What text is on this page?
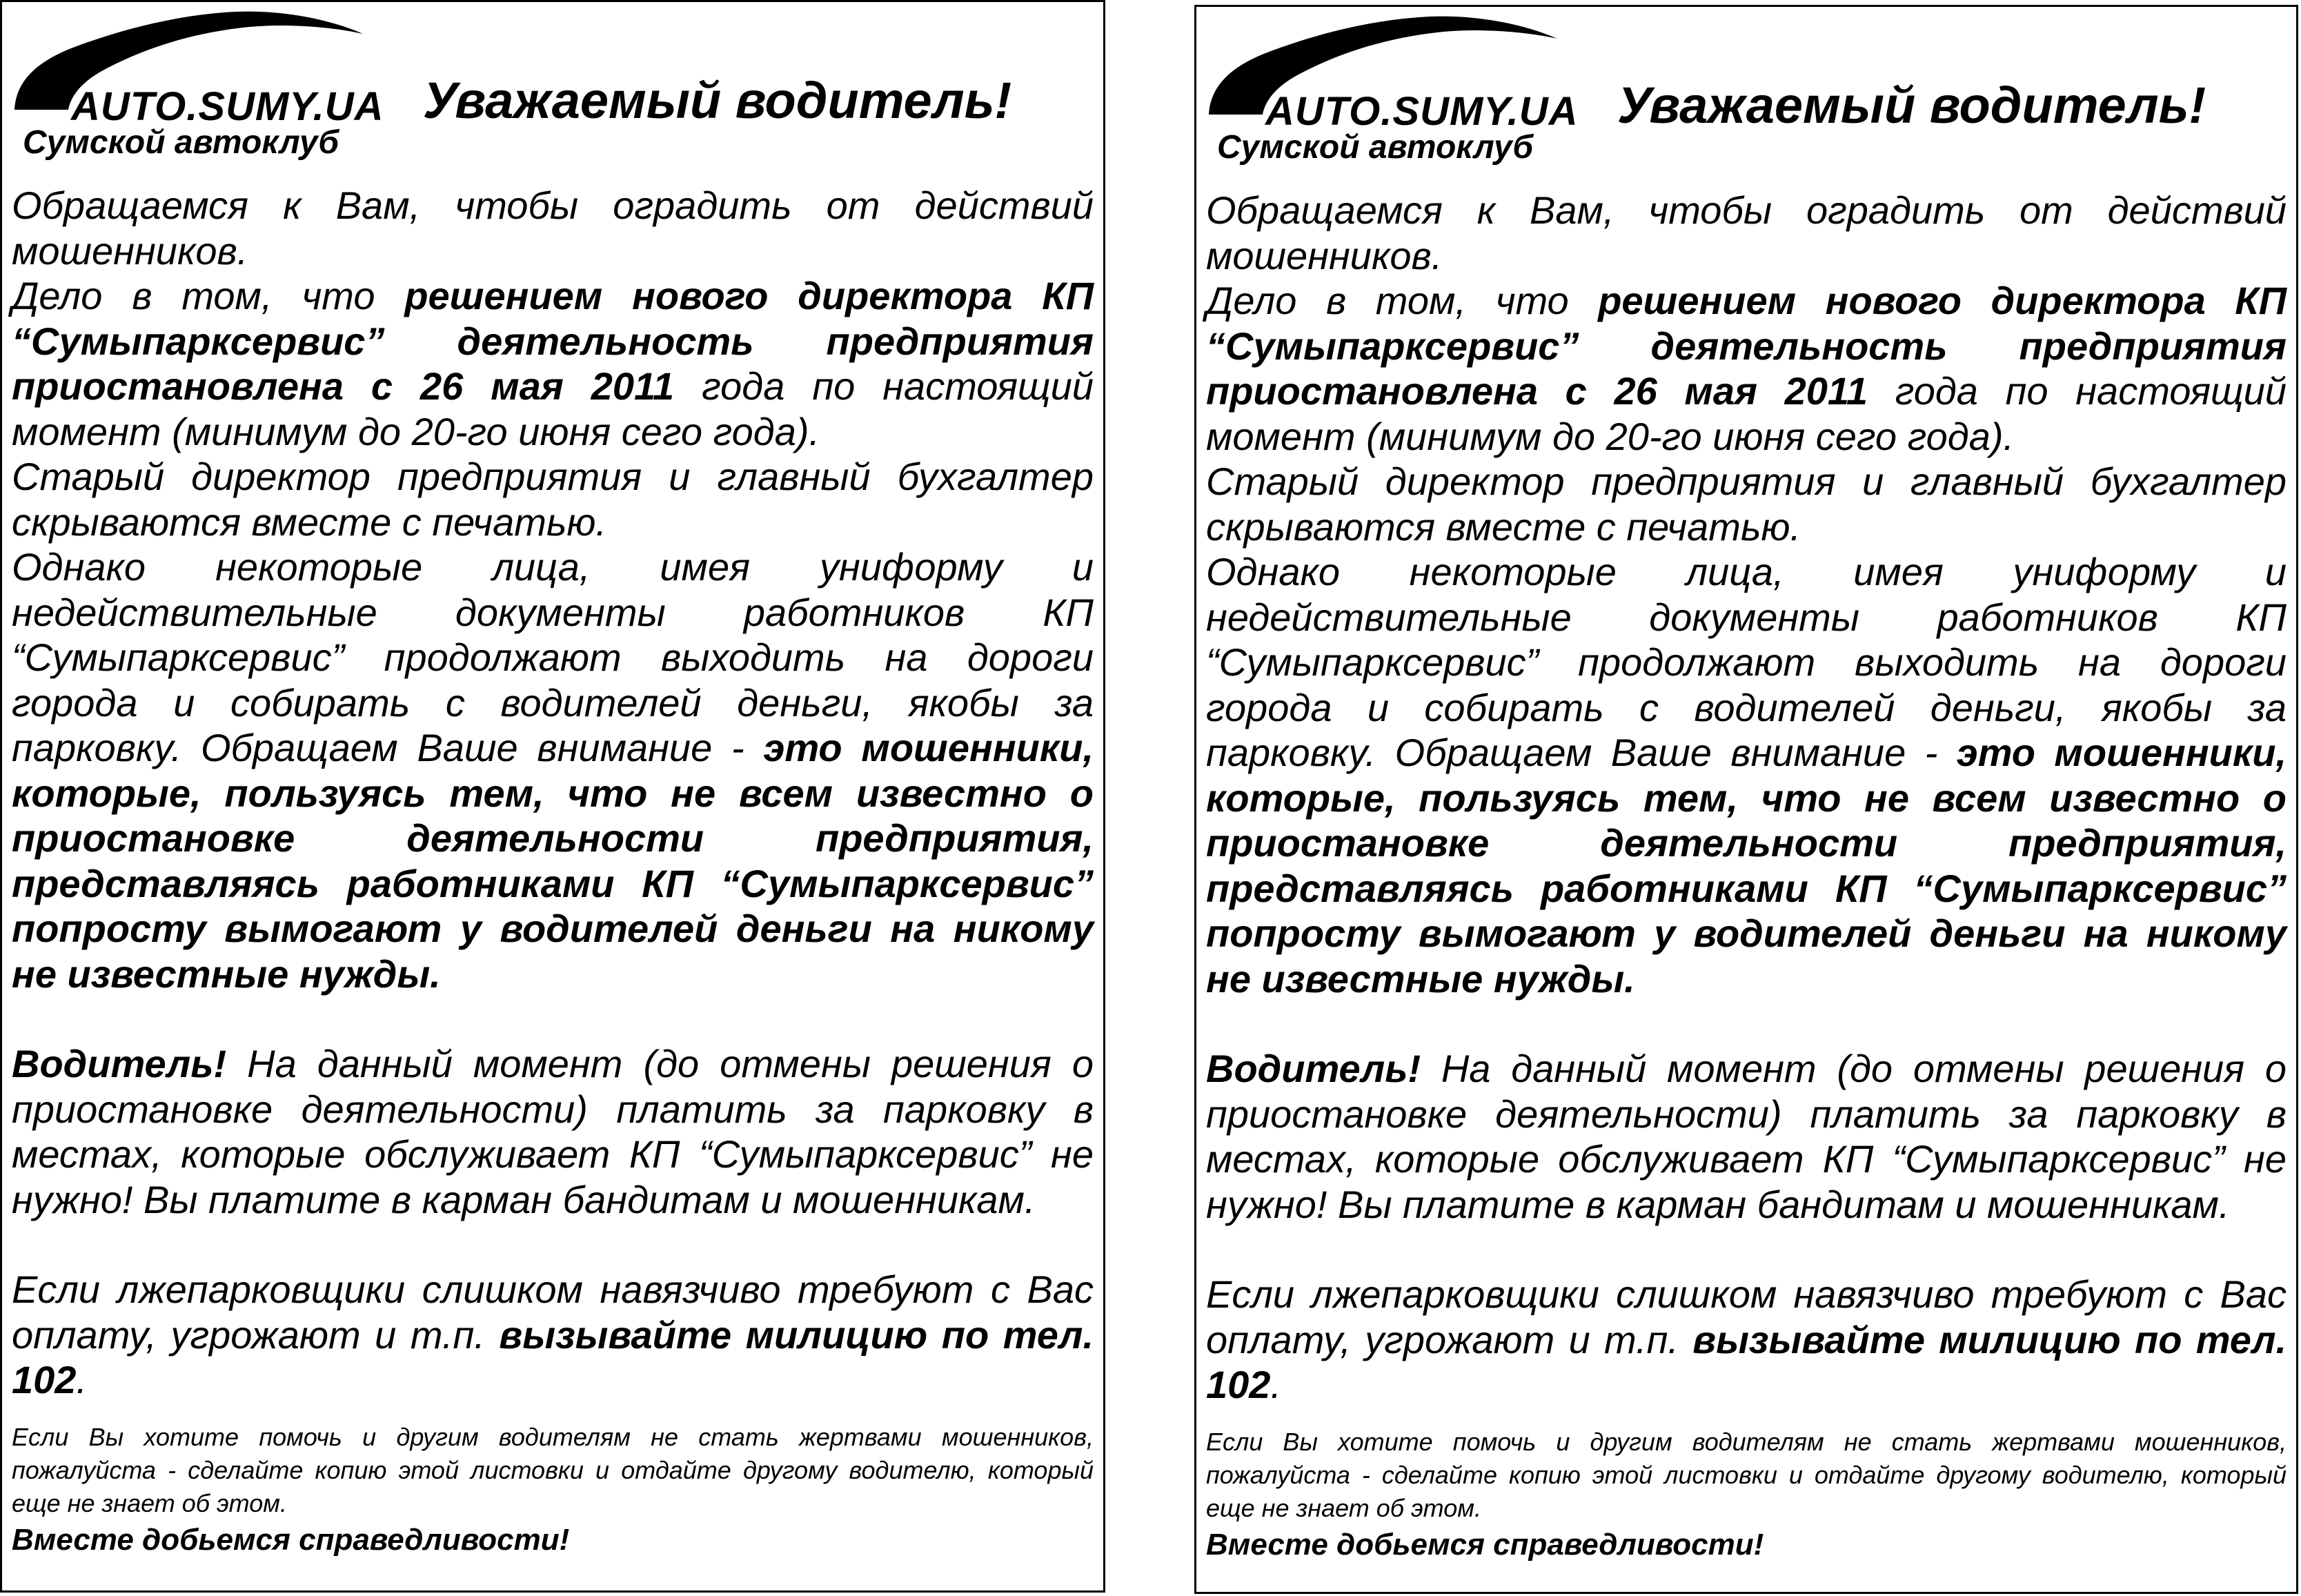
AUTO.SUMY.UA
Сумской автоклуб
Уважаемый водитель!

Обращаемся к Вам, чтобы оградить от действий мошенников.

Дело в том, что решением нового директора КП “Сумыпарксервис” деятельность предприятия приостановлена с 26 мая 2011 года по настоящий момент (минимум до 20-го июня сего года).

Старый директор предприятия и главный бухгалтер скрываются вместе с печатью.

Однако некоторые лица, имея униформу и недействительные документы работников КП “Сумыпарксервис” продолжают выходить на дороги города и собирать с водителей деньги, якобы за парковку. Обращаем Ваше внимание - это мошенники, которые, пользуясь тем, что не всем известно о приостановке деятельности предприятия, представляясь работниками КП “Сумыпарксервис” попросту вымогают у водителей деньги на никому не известные нужды.

Водитель! На данный момент (до отмены решения о приостановке деятельности) платить за парковку в местах, которые обслуживает КП “Сумыпарксервис” не нужно! Вы платите в карман бандитам и мошенникам.

Если лжепарковщики слишком навязчиво требуют с Вас оплату, угрожают и т.п. вызывайте милицию по тел. 102.

Если Вы хотите помочь и другим водителям не стать жертвами мошенников, пожалуйста - сделайте копию этой листовки и отдайте другому водителю, который еще не знает об этом.

Вместе добьемся справедливости!

AUTO.SUMY.UA
Сумской автоклуб
Уважаемый водитель!

Обращаемся к Вам, чтобы оградить от действий мошенников.

Дело в том, что решением нового директора КП “Сумыпарксервис” деятельность предприятия приостановлена с 26 мая 2011 года по настоящий момент (минимум до 20-го июня сего года).

Старый директор предприятия и главный бухгалтер скрываются вместе с печатью.

Однако некоторые лица, имея униформу и недействительные документы работников КП “Сумыпарксервис” продолжают выходить на дороги города и собирать с водителей деньги, якобы за парковку. Обращаем Ваше внимание - это мошенники, которые, пользуясь тем, что не всем известно о приостановке деятельности предприятия, представляясь работниками КП “Сумыпарксервис” попросту вымогают у водителей деньги на никому не известные нужды.

Водитель! На данный момент (до отмены решения о приостановке деятельности) платить за парковку в местах, которые обслуживает КП “Сумыпарксервис” не нужно! Вы платите в карман бандитам и мошенникам.

Если лжепарковщики слишком навязчиво требуют с Вас оплату, угрожают и т.п. вызывайте милицию по тел. 102.

Если Вы хотите помочь и другим водителям не стать жертвами мошенников, пожалуйста - сделайте копию этой листовки и отдайте другому водителю, который еще не знает об этом.

Вместе добьемся справедливости!
